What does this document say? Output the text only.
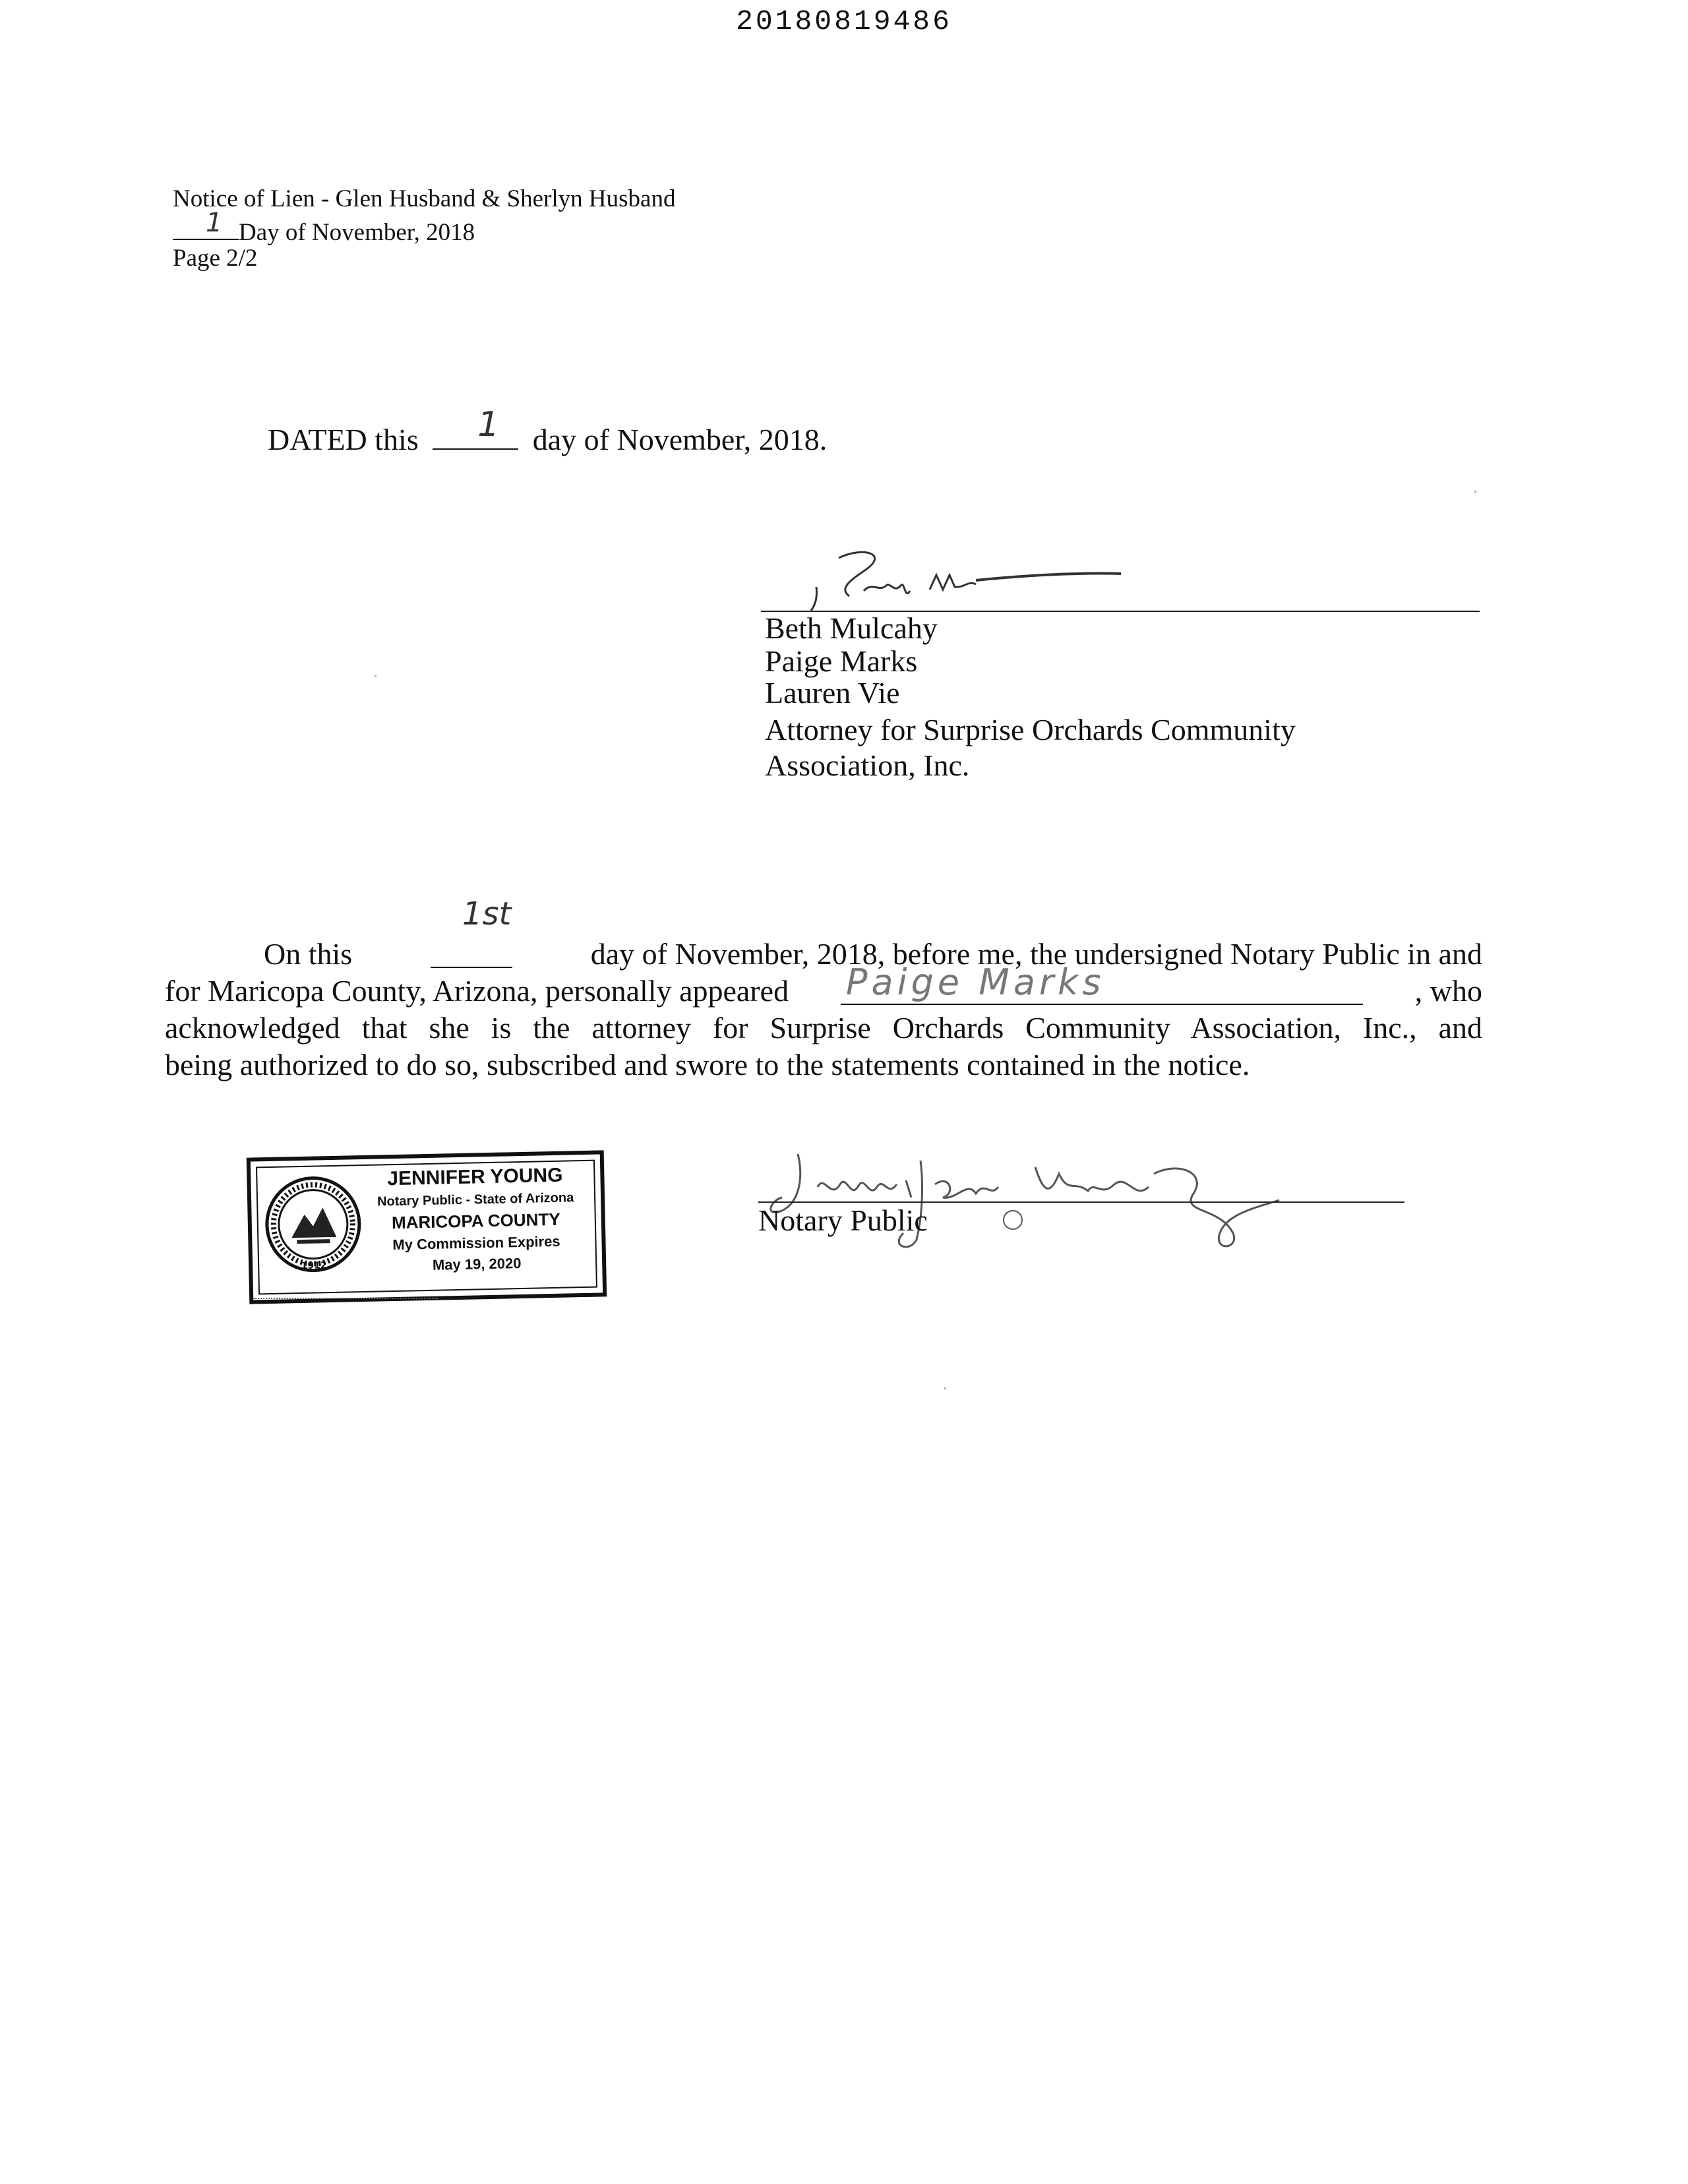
20180819486
Notice of Lien - Glen Husband & Sherlyn Husband
1 Day of November, 2018
Page 2/2
DATED this 1 day of November, 2018.
Beth Mulcahy
Paige Marks
Lauren Vie
Attorney for Surprise Orchards Community
Association, Inc.
On this
1st
day of November, 2018, before me, the undersigned Notary Public in and
for Maricopa County, Arizona, personally appeared Paige Marks	, who
acknowledged that she is the attorney for Surprise Orchards Community Association, Inc., and
being authorized to do so, subscribed and swore to the statements contained in the notice.
1912
JENNIFER YOUNG
Notary Public - State of Arizona
MARICOPA COUNTY
My Commission Expires
May 19, 2020
Notary Public
